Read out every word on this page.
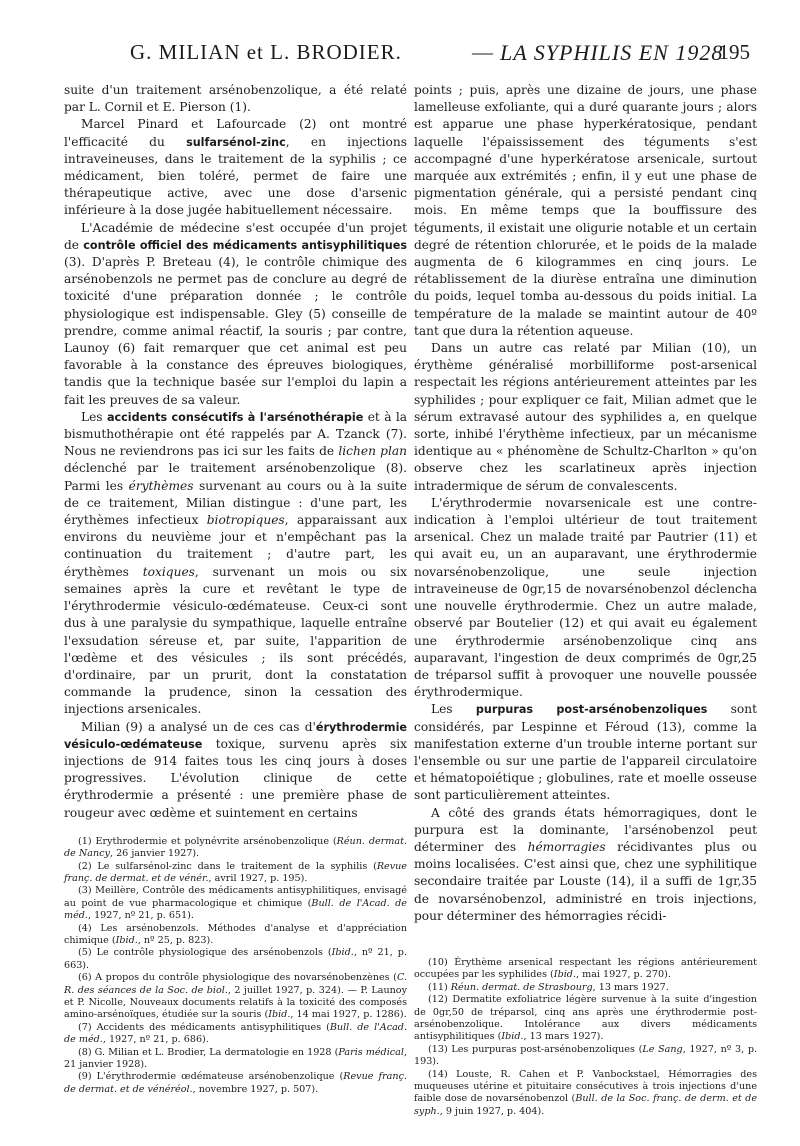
G. MILIAN et L. BRODIER.	— LA SYPHILIS EN 1928
195

suite d'un traitement arsénobenzolique, a été relaté par L. Cornil et E. Pierson (1).

Marcel Pinard et Lafourcade (2) ont montré l'efficacité du sulfarsénol-zinc, en injections intraveineuses, dans le traitement de la syphilis ; ce médicament, bien toléré, permet de faire une thérapeutique active, avec une dose d'arsenic inférieure à la dose jugée habituellement nécessaire.

L'Académie de médecine s'est occupée d'un projet de contrôle officiel des médicaments antisyphilitiques (3). D'après P. Breteau (4), le contrôle chimique des arsénobenzols ne permet pas de conclure au degré de toxicité d'une préparation donnée ; le contrôle physiologique est indispensable. Gley (5) conseille de prendre, comme animal réactif, la souris ; par contre, Launoy (6) fait remarquer que cet animal est peu favorable à la constance des épreuves biologiques, tandis que la technique basée sur l'emploi du lapin a fait les preuves de sa valeur.

Les accidents consécutifs à l'arsénothérapie et à la bismuthothérapie ont été rappelés par A. Tzanck (7). Nous ne reviendrons pas ici sur les faits de lichen plan déclenché par le traitement arsénobenzolique (8). Parmi les érythèmes survenant au cours ou à la suite de ce traitement, Milian distingue : d'une part, les érythèmes infectieux biotropiques, apparaissant aux environs du neuvième jour et n'empêchant pas la continuation du traitement ; d'autre part, les érythèmes toxiques, survenant un mois ou six semaines après la cure et revêtant le type de l'érythrodermie vésiculo-œdémateuse. Ceux-ci sont dus à une paralysie du sympathique, laquelle entraîne l'exsudation séreuse et, par suite, l'apparition de l'œdème et des vésicules ; ils sont précédés, d'ordinaire, par un prurit, dont la constatation commande la prudence, sinon la cessation des injections arsenicales.

Milian (9) a analysé un de ces cas d'érythrodermie vésiculo-œdémateuse toxique, survenu après six injections de 914 faites tous les cinq jours à doses progressives. L'évolution clinique de cette érythrodermie a présenté : une première phase de rougeur avec œdème et suintement en certains

(1) Erythrodermie et polynévrite arsénobenzolique (Réun. dermat. de Nancy, 26 janvier 1927).

(2) Le sulfarsénol-zinc dans le traitement de la syphilis (Revue franç. de dermat. et de vénér., avril 1927, p. 195).

(3) Meillère, Contrôle des médicaments antisyphilitiques, envisagé au point de vue pharmacologique et chimique (Bull. de l'Acad. de méd., 1927, nº 21, p. 651).

(4) Les arsénobenzols. Méthodes d'analyse et d'appréciation chimique (Ibid., nº 25, p. 823).

(5) Le contrôle physiologique des arsénobenzols (Ibid., nº 21, p. 663).

(6) A propos du contrôle physiologique des novarsénobenzènes (C. R. des séances de la Soc. de biol., 2 juillet 1927, p. 324). — P. Launoy et P. Nicolle, Nouveaux documents relatifs à la toxicité des composés amino-arsénoïques, étudiée sur la souris (Ibid., 14 mai 1927, p. 1286).

(7) Accidents des médicaments antisyphilitiques (Bull. de l'Acad. de méd., 1927, nº 21, p. 686).

(8) G. Milian et L. Brodier, La dermatologie en 1928 (Paris médical, 21 janvier 1928).

(9) L'érythrodermie œdémateuse arsénobenzolique (Revue franç. de dermat. et de vénéréol., novembre 1927, p. 507).

points ; puis, après une dizaine de jours, une phase lamelleuse exfoliante, qui a duré quarante jours ; alors est apparue une phase hyperkératosique, pendant laquelle l'épaississement des téguments s'est accompagné d'une hyperkératose arsenicale, surtout marquée aux extrémités ; enfin, il y eut une phase de pigmentation générale, qui a persisté pendant cinq mois. En même temps que la bouffissure des téguments, il existait une oligurie notable et un certain degré de rétention chlorurée, et le poids de la malade augmenta de 6 kilogrammes en cinq jours. Le rétablissement de la diurèse entraîna une diminution du poids, lequel tomba au-dessous du poids initial. La température de la malade se maintint autour de 40º tant que dura la rétention aqueuse.

Dans un autre cas relaté par Milian (10), un érythème généralisé morbilliforme post-arsenical respectait les régions antérieurement atteintes par les syphilides ; pour expliquer ce fait, Milian admet que le sérum extravasé autour des syphilides a, en quelque sorte, inhibé l'érythème infectieux, par un mécanisme identique au « phénomène de Schultz-Charlton » qu'on observe chez les scarlatineux après injection intradermique de sérum de convalescents.

L'érythrodermie novarsenicale est une contre-indication à l'emploi ultérieur de tout traitement arsenical. Chez un malade traité par Pautrier (11) et qui avait eu, un an auparavant, une érythrodermie novarsénobenzolique, une seule injection intraveineuse de 0gr,15 de novarsénobenzol déclencha une nouvelle érythrodermie. Chez un autre malade, observé par Boutelier (12) et qui avait eu également une érythrodermie arsénobenzolique cinq ans auparavant, l'ingestion de deux comprimés de 0gr,25 de tréparsol suffit à provoquer une nouvelle poussée érythrodermique.

Les purpuras post-arsénobenzoliques sont considérés, par Lespinne et Féroud (13), comme la manifestation externe d'un trouble interne portant sur l'ensemble ou sur une partie de l'appareil circulatoire et hématopoiétique ; globulines, rate et moelle osseuse sont particulièrement atteintes.

A côté des grands états hémorragiques, dont le purpura est la dominante, l'arsénobenzol peut déterminer des hémorragies récidivantes plus ou moins localisées. C'est ainsi que, chez une syphilitique secondaire traitée par Louste (14), il a suffi de 1gr,35 de novarsénobenzol, administré en trois injections, pour déterminer des hémorragies récidi-

(10) Érythème arsenical respectant les régions antérieurement occupées par les syphilides (Ibid., mai 1927, p. 270).

(11) Réun. dermat. de Strasbourg, 13 mars 1927.

(12) Dermatite exfoliatrice légère survenue à la suite d'ingestion de 0gr,50 de tréparsol, cinq ans après une érythrodermie post-arsénobenzolique. Intolérance aux divers médicaments antisyphilitiques (Ibid., 13 mars 1927).

(13) Les purpuras post-arsénobenzoliques (Le Sang, 1927, nº 3, p. 193).

(14) Louste, R. Cahen et P. Vanbockstael, Hémorragies des muqueuses utérine et pituitaire consécutives à trois injections d'une faible dose de novarsénobenzol (Bull. de la Soc. franç. de derm. et de syph., 9 juin 1927, p. 404).
